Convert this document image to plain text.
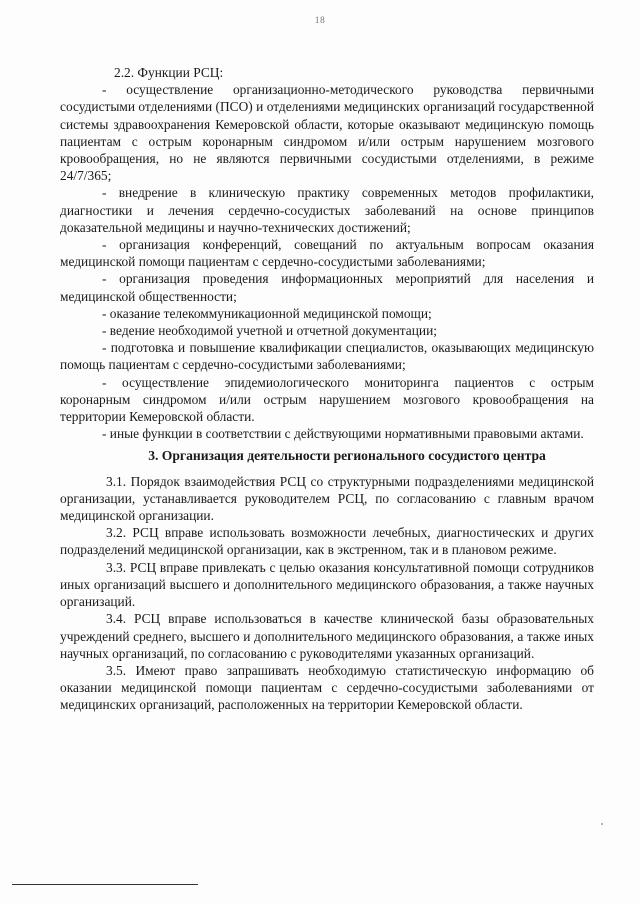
18

2.2. Функции РСЦ:

- осуществление организационно-методического руководства первичными сосудистыми отделениями (ПСО) и отделениями медицинских организаций государственной системы здравоохранения Кемеровской области, которые оказывают медицинскую помощь пациентам с острым коронарным синдромом и/или острым нарушением мозгового кровообращения, но не являются первичными сосудистыми отделениями, в режиме 24/7/365;

- внедрение в клиническую практику современных методов профилактики, диагностики и лечения сердечно-сосудистых заболеваний на основе принципов доказательной медицины и научно-технических достижений;

- организация конференций, совещаний по актуальным вопросам оказания медицинской помощи пациентам с сердечно-сосудистыми заболеваниями;

- организация проведения информационных мероприятий для населения и медицинской общественности;

- оказание телекоммуникационной медицинской помощи;

- ведение необходимой учетной и отчетной документации;

- подготовка и повышение квалификации специалистов, оказывающих медицинскую помощь пациентам с сердечно-сосудистыми заболеваниями;

- осуществление эпидемиологического мониторинга пациентов с острым коронарным синдромом и/или острым нарушением мозгового кровообращения на территории Кемеровской области.

- иные функции в соответствии с действующими нормативными правовыми актами.

3. Организация деятельности регионального сосудистого центра

3.1. Порядок взаимодействия РСЦ со структурными подразделениями медицинской организации, устанавливается руководителем РСЦ, по согласованию с главным врачом медицинской организации.

3.2. РСЦ вправе использовать возможности лечебных, диагностических и других подразделений медицинской организации, как в экстренном, так и в плановом режиме.

3.3. РСЦ вправе привлекать с целью оказания консультативной помощи сотрудников иных организаций высшего и дополнительного медицинского образования, а также научных организаций.

3.4. РСЦ вправе использоваться в качестве клинической базы образовательных учреждений среднего, высшего и дополнительного медицинского образования, а также иных научных организаций, по согласованию с руководителями указанных организаций.

3.5. Имеют право запрашивать необходимую статистическую информацию об оказании медицинской помощи пациентам с сердечно-сосудистыми заболеваниями от медицинских организаций, расположенных на территории Кемеровской области.
